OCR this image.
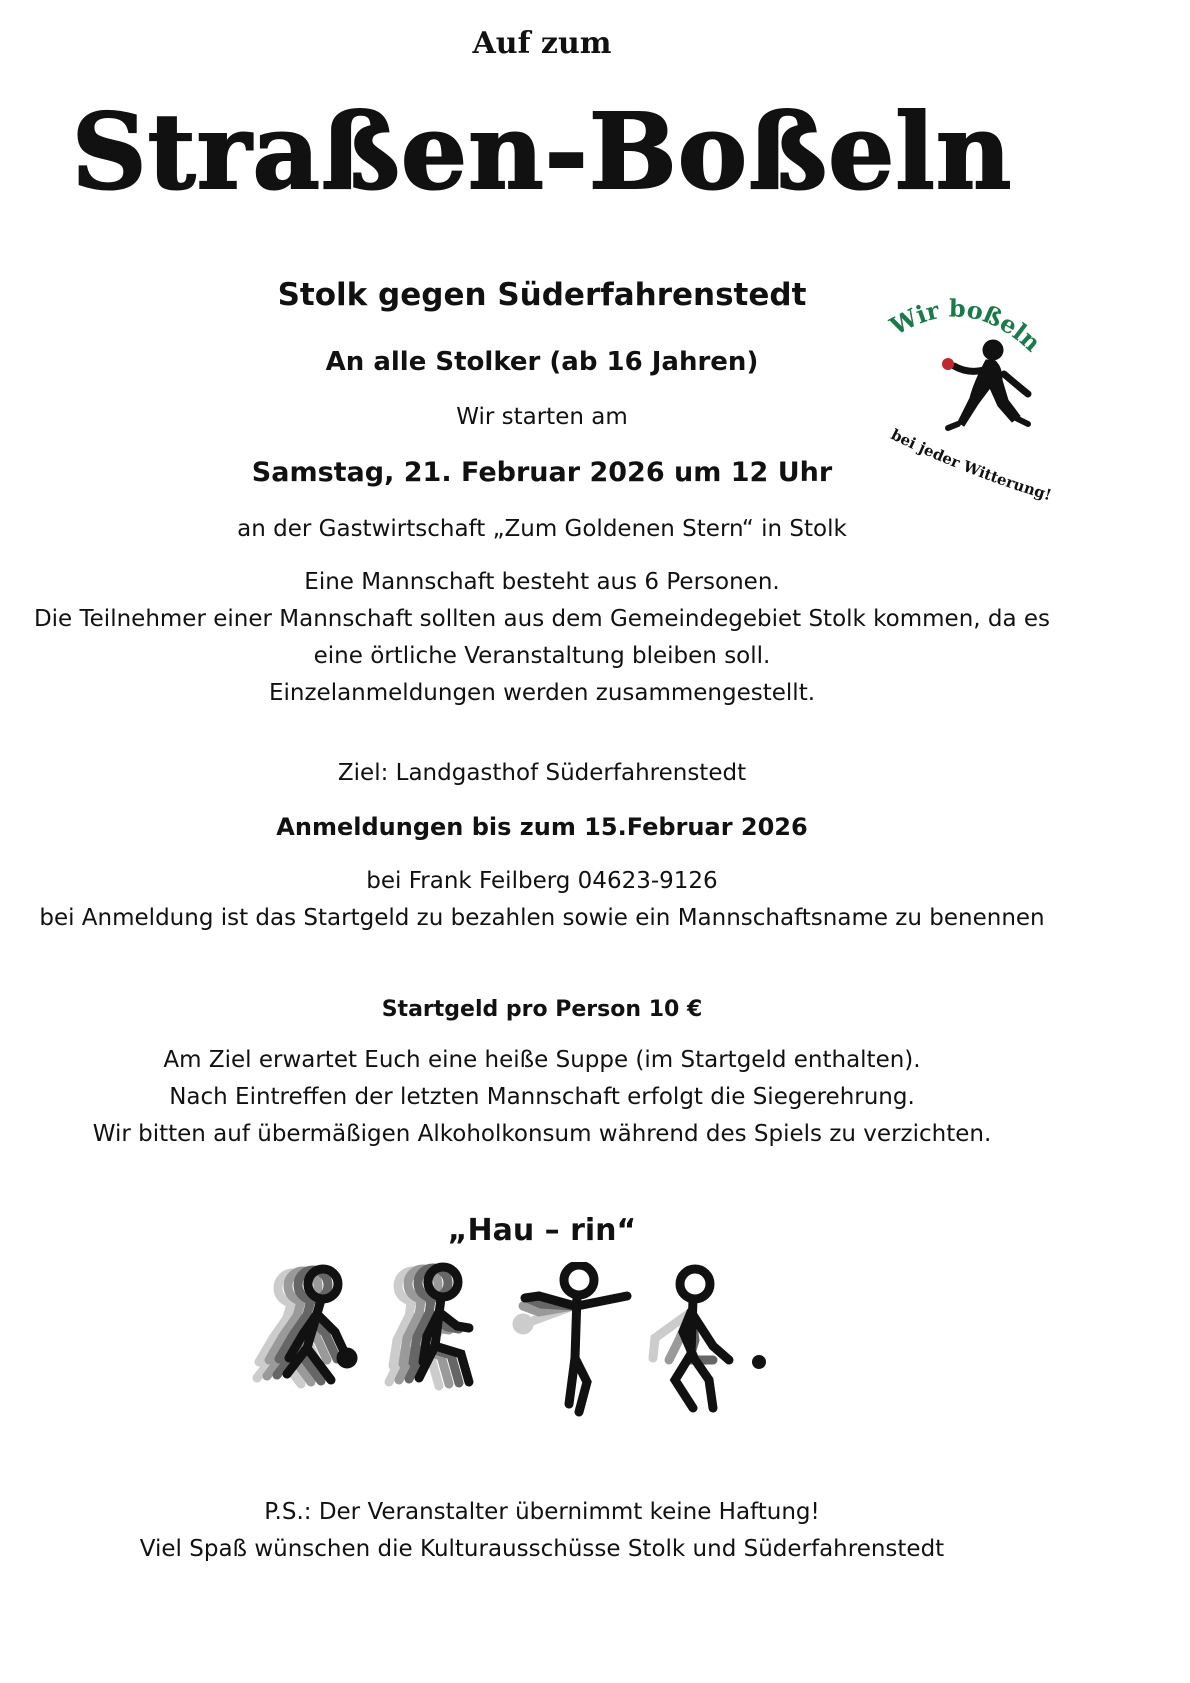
Auf zum
Straßen-Boßeln
Stolk gegen Süderfahrenstedt
An alle Stolker (ab 16 Jahren)
Wir starten am
Samstag, 21. Februar 2026 um 12 Uhr
an der Gastwirtschaft „Zum Goldenen Stern“ in Stolk
Eine Mannschaft besteht aus 6 Personen.
Die Teilnehmer einer Mannschaft sollten aus dem Gemeindegebiet Stolk kommen, da es
eine örtliche Veranstaltung bleiben soll.
Einzelanmeldungen werden zusammengestellt.
Ziel: Landgasthof Süderfahrenstedt
Anmeldungen bis zum 15.Februar 2026
bei Frank Feilberg 04623-9126
bei Anmeldung ist das Startgeld zu bezahlen sowie ein Mannschaftsname zu benennen
Startgeld pro Person 10 €
Am Ziel erwartet Euch eine heiße Suppe (im Startgeld enthalten).
Nach Eintreffen der letzten Mannschaft erfolgt die Siegerehrung.
Wir bitten auf übermäßigen Alkoholkonsum während des Spiels zu verzichten.
„Hau – rin“
Wir boßeln
bei jeder Witterung!
P.S.: Der Veranstalter übernimmt keine Haftung!
Viel Spaß wünschen die Kulturausschüsse Stolk und Süderfahrenstedt
